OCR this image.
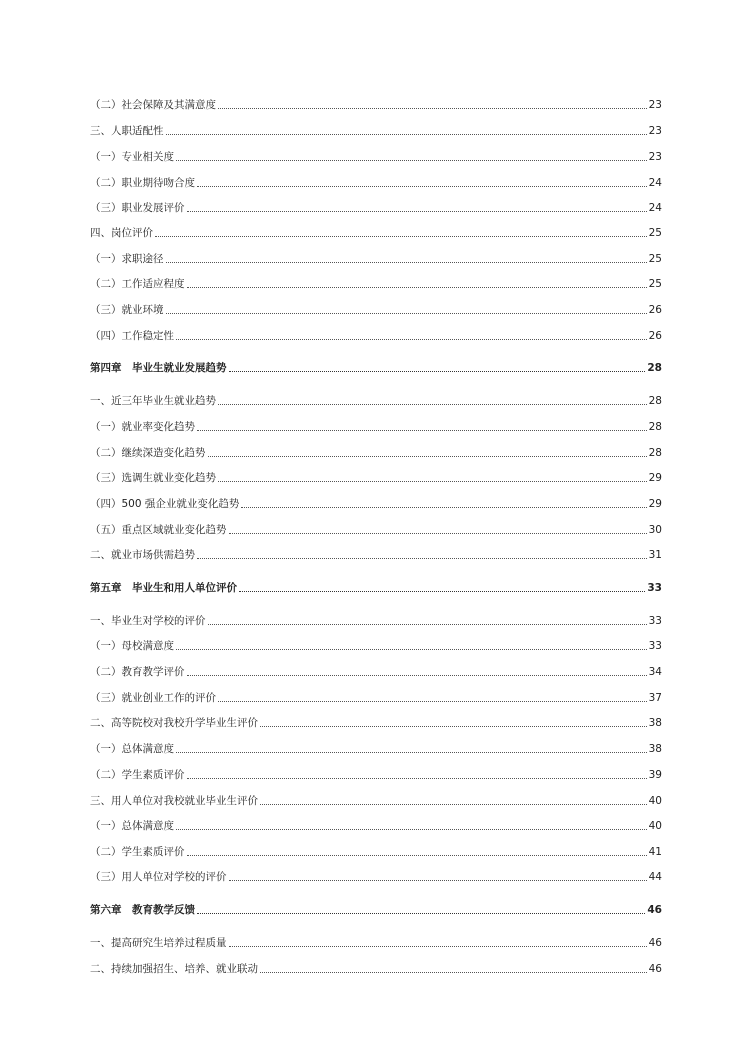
（二）社会保障及其满意度	23
三、人职适配性	23
（一）专业相关度	23
（二）职业期待吻合度	24
（三）职业发展评价	24
四、岗位评价	25
（一）求职途径	25
（二）工作适应程度	25
（三）就业环境	26
（四）工作稳定性	26
第四章　毕业生就业发展趋势	28
一、近三年毕业生就业趋势	28
（一）就业率变化趋势	28
（二）继续深造变化趋势	28
（三）选调生就业变化趋势	29
（四）500 强企业就业变化趋势	29
（五）重点区域就业变化趋势	30
二、就业市场供需趋势	31
第五章　毕业生和用人单位评价	33
一、毕业生对学校的评价	33
（一）母校满意度	33
（二）教育教学评价	34
（三）就业创业工作的评价	37
二、高等院校对我校升学毕业生评价	38
（一）总体满意度	38
（二）学生素质评价	39
三、用人单位对我校就业毕业生评价	40
（一）总体满意度	40
（二）学生素质评价	41
（三）用人单位对学校的评价	44
第六章　教育教学反馈	46
一、提高研究生培养过程质量	46
二、持续加强招生、培养、就业联动	46
